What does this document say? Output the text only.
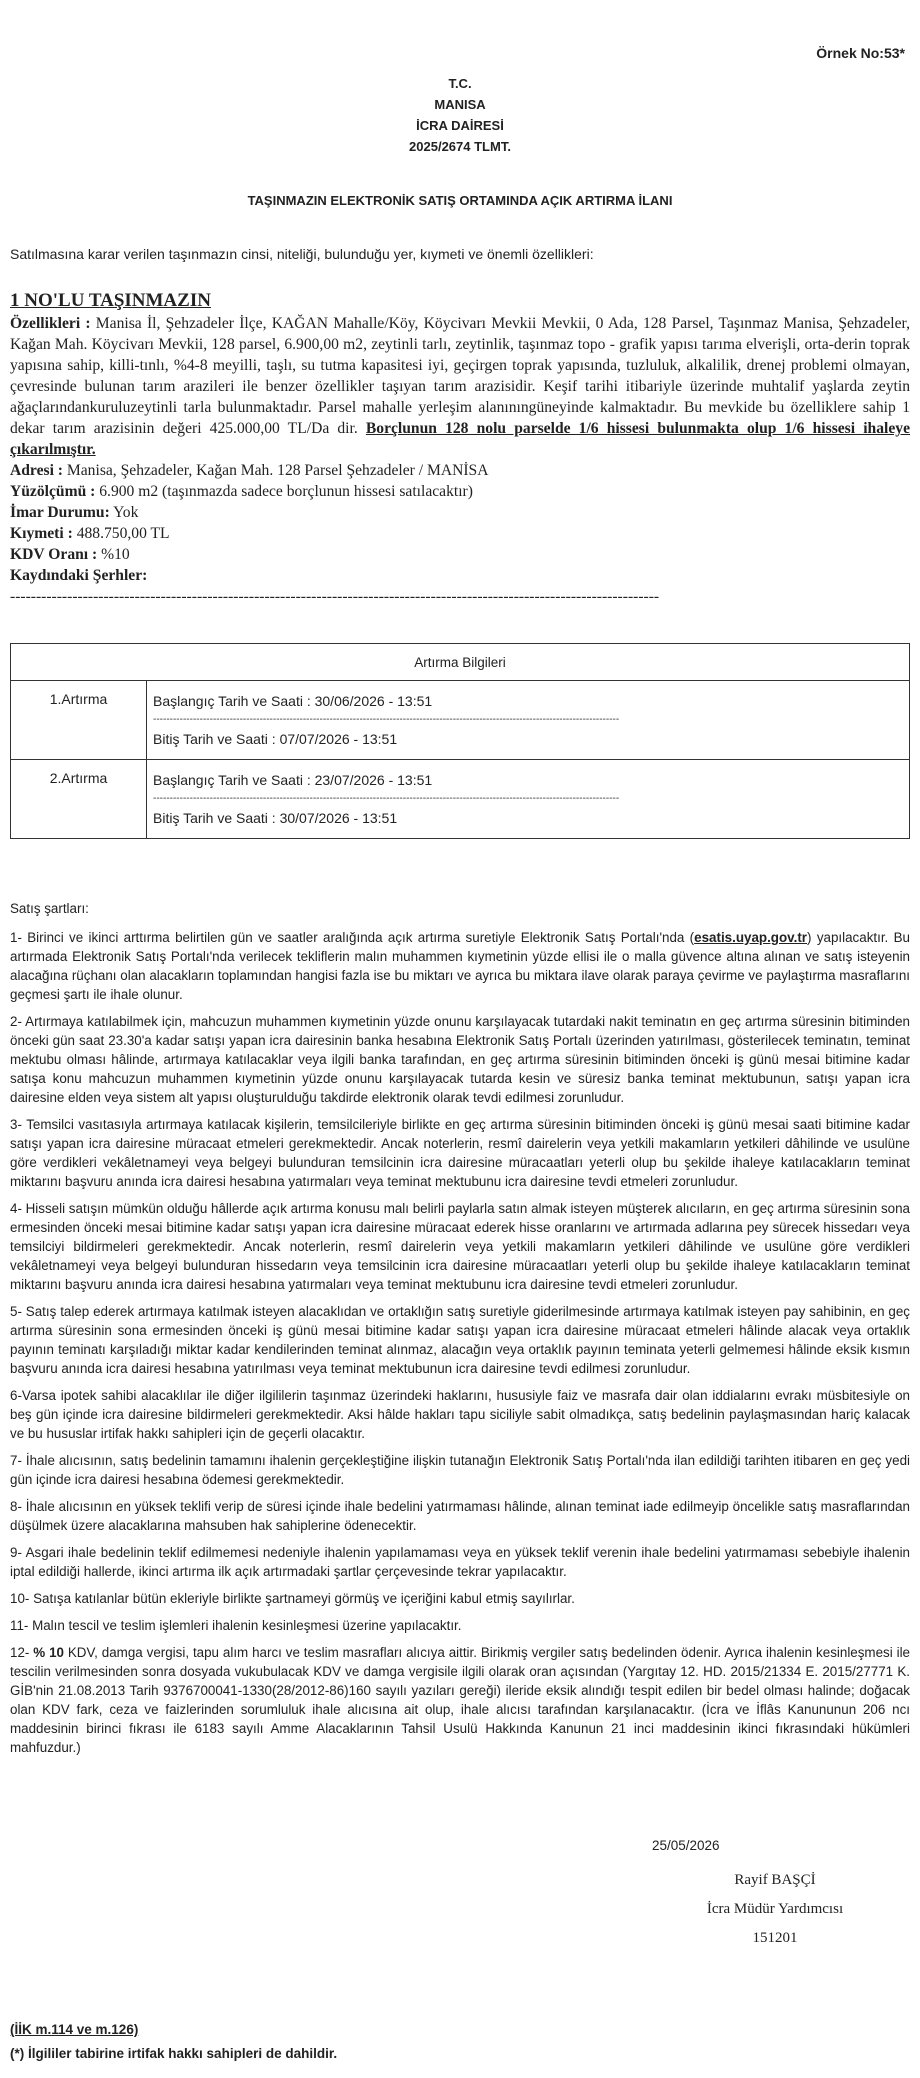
Örnek No:53*
T.C.
MANISA
İCRA DAİRESİ
2025/2674 TLMT.
TAŞINMAZIN ELEKTRONİK SATIŞ ORTAMINDA AÇIK ARTIRMA İLANI
Satılmasına karar verilen taşınmazın cinsi, niteliği, bulunduğu yer, kıymeti ve önemli özellikleri:
1 NO'LU TAŞINMAZIN
Özellikleri : Manisa İl, Şehzadeler İlçe, KAĞAN Mahalle/Köy, Köycivarı Mevkii Mevkii, 0 Ada, 128 Parsel, Taşınmaz Manisa, Şehzadeler, Kağan Mah. Köycivarı Mevkii, 128 parsel, 6.900,00 m2, zeytinli tarlı, zeytinlik, taşınmaz topo - grafik yapısı tarıma elverişli, orta-derin toprak yapısına sahip, killi-tınlı, %4-8 meyilli, taşlı, su tutma kapasitesi iyi, geçirgen toprak yapısında, tuzluluk, alkalilik, drenej problemi olmayan, çevresinde bulunan tarım arazileri ile benzer özellikler taşıyan tarım arazisidir. Keşif tarihi itibariyle üzerinde muhtalif yaşlarda zeytin ağaçlarındankuruluzeytinli tarla bulunmaktadır. Parsel mahalle yerleşim alanınıngüneyinde kalmaktadır. Bu mevkide bu özelliklere sahip 1 dekar tarım arazisinin değeri 425.000,00 TL/Da dir. Borçlunun 128 nolu parselde 1/6 hissesi bulunmakta olup 1/6 hissesi ihaleye çıkarılmıştır.
Adresi : Manisa, Şehzadeler, Kağan Mah. 128 Parsel Şehzadeler / MANİSA
Yüzölçümü : 6.900 m2 (taşınmazda sadece borçlunun hissesi satılacaktır)
İmar Durumu: Yok
Kıymeti : 488.750,00 TL
KDV Oranı : %10
Kaydındaki Şerhler:
-----------------------------------------------------------------------------------------------------------------------------
Artırma Bilgileri	
1.Artırma	Başlangıç Tarih ve Saati : 30/06/2026 - 13:51
--------------------------------------------------------------------------------------------------------------------------------------------
Bitiş Tarih ve Saati : 07/07/2026 - 13:51

2.Artırma	Başlangıç Tarih ve Saati : 23/07/2026 - 13:51
--------------------------------------------------------------------------------------------------------------------------------------------
Bitiş Tarih ve Saati : 30/07/2026 - 13:51

Satış şartları:

1- Birinci ve ikinci arttırma belirtilen gün ve saatler aralığında açık artırma suretiyle Elektronik Satış Portalı'nda (esatis.uyap.gov.tr) yapılacaktır. Bu artırmada Elektronik Satış Portalı'nda verilecek tekliflerin malın muhammen kıymetinin yüzde ellisi ile o malla güvence altına alınan ve satış isteyenin alacağına rüçhanı olan alacakların toplamından hangisi fazla ise bu miktarı ve ayrıca bu miktara ilave olarak paraya çevirme ve paylaştırma masraflarını geçmesi şartı ile ihale olunur.

2- Artırmaya katılabilmek için, mahcuzun muhammen kıymetinin yüzde onunu karşılayacak tutardaki nakit teminatın en geç artırma süresinin bitiminden önceki gün saat 23.30'a kadar satışı yapan icra dairesinin banka hesabına Elektronik Satış Portalı üzerinden yatırılması, gösterilecek teminatın, teminat mektubu olması hâlinde, artırmaya katılacaklar veya ilgili banka tarafından, en geç artırma süresinin bitiminden önceki iş günü mesai bitimine kadar satışa konu mahcuzun muhammen kıymetinin yüzde onunu karşılayacak tutarda kesin ve süresiz banka teminat mektubunun, satışı yapan icra dairesine elden veya sistem alt yapısı oluşturulduğu takdirde elektronik olarak tevdi edilmesi zorunludur.

3- Temsilci vasıtasıyla artırmaya katılacak kişilerin, temsilcileriyle birlikte en geç artırma süresinin bitiminden önceki iş günü mesai saati bitimine kadar satışı yapan icra dairesine müracaat etmeleri gerekmektedir. Ancak noterlerin, resmî dairelerin veya yetkili makamların yetkileri dâhilinde ve usulüne göre verdikleri vekâletnameyi veya belgeyi bulunduran temsilcinin icra dairesine müracaatları yeterli olup bu şekilde ihaleye katılacakların teminat miktarını başvuru anında icra dairesi hesabına yatırmaları veya teminat mektubunu icra dairesine tevdi etmeleri zorunludur.

4- Hisseli satışın mümkün olduğu hâllerde açık artırma konusu malı belirli paylarla satın almak isteyen müşterek alıcıların, en geç artırma süresinin sona ermesinden önceki mesai bitimine kadar satışı yapan icra dairesine müracaat ederek hisse oranlarını ve artırmada adlarına pey sürecek hissedarı veya temsilciyi bildirmeleri gerekmektedir. Ancak noterlerin, resmî dairelerin veya yetkili makamların yetkileri dâhilinde ve usulüne göre verdikleri vekâletnameyi veya belgeyi bulunduran hissedarın veya temsilcinin icra dairesine müracaatları yeterli olup bu şekilde ihaleye katılacakların teminat miktarını başvuru anında icra dairesi hesabına yatırmaları veya teminat mektubunu icra dairesine tevdi etmeleri zorunludur.

5- Satış talep ederek artırmaya katılmak isteyen alacaklıdan ve ortaklığın satış suretiyle giderilmesinde artırmaya katılmak isteyen pay sahibinin, en geç artırma süresinin sona ermesinden önceki iş günü mesai bitimine kadar satışı yapan icra dairesine müracaat etmeleri hâlinde alacak veya ortaklık payının teminatı karşıladığı miktar kadar kendilerinden teminat alınmaz, alacağın veya ortaklık payının teminata yeterli gelmemesi hâlinde eksik kısmın başvuru anında icra dairesi hesabına yatırılması veya teminat mektubunun icra dairesine tevdi edilmesi zorunludur.

6-Varsa ipotek sahibi alacaklılar ile diğer ilgililerin taşınmaz üzerindeki haklarını, hususiyle faiz ve masrafa dair olan iddialarını evrakı müsbitesiyle on beş gün içinde icra dairesine bildirmeleri gerekmektedir. Aksi hâlde hakları tapu siciliyle sabit olmadıkça, satış bedelinin paylaşmasından hariç kalacak ve bu hususlar irtifak hakkı sahipleri için de geçerli olacaktır.

7- İhale alıcısının, satış bedelinin tamamını ihalenin gerçekleştiğine ilişkin tutanağın Elektronik Satış Portalı'nda ilan edildiği tarihten itibaren en geç yedi gün içinde icra dairesi hesabına ödemesi gerekmektedir.

8- İhale alıcısının en yüksek teklifi verip de süresi içinde ihale bedelini yatırmaması hâlinde, alınan teminat iade edilmeyip öncelikle satış masraflarından düşülmek üzere alacaklarına mahsuben hak sahiplerine ödenecektir.

9- Asgari ihale bedelinin teklif edilmemesi nedeniyle ihalenin yapılamaması veya en yüksek teklif verenin ihale bedelini yatırmaması sebebiyle ihalenin iptal edildiği hallerde, ikinci artırma ilk açık artırmadaki şartlar çerçevesinde tekrar yapılacaktır.

10- Satışa katılanlar bütün ekleriyle birlikte şartnameyi görmüş ve içeriğini kabul etmiş sayılırlar.

11- Malın tescil ve teslim işlemleri ihalenin kesinleşmesi üzerine yapılacaktır.

12- % 10 KDV, damga vergisi, tapu alım harcı ve teslim masrafları alıcıya aittir. Birikmiş vergiler satış bedelinden ödenir. Ayrıca ihalenin kesinleşmesi ile tescilin verilmesinden sonra dosyada vukubulacak KDV ve damga vergisile ilgili olarak oran açısından (Yargıtay 12. HD. 2015/21334 E. 2015/27771 K. GİB'nin 21.08.2013 Tarih 9376700041-1330(28/2012-86)160 sayılı yazıları gereği) ileride eksik alındığı tespit edilen bir bedel olması halinde; doğacak olan KDV fark, ceza ve faizlerinden sorumluluk ihale alıcısına ait olup, ihale alıcısı tarafından karşılanacaktır. (İcra ve İflâs Kanununun 206 ncı maddesinin birinci fıkrası ile 6183 sayılı Amme Alacaklarının Tahsil Usulü Hakkında Kanunun 21 inci maddesinin ikinci fıkrasındaki hükümleri mahfuzdur.)

25/05/2026
Rayif BAŞÇİ
İcra Müdür Yardımcısı
151201
(İİK m.114 ve m.126)
(*) İlgililer tabirine irtifak hakkı sahipleri de dahildir.
